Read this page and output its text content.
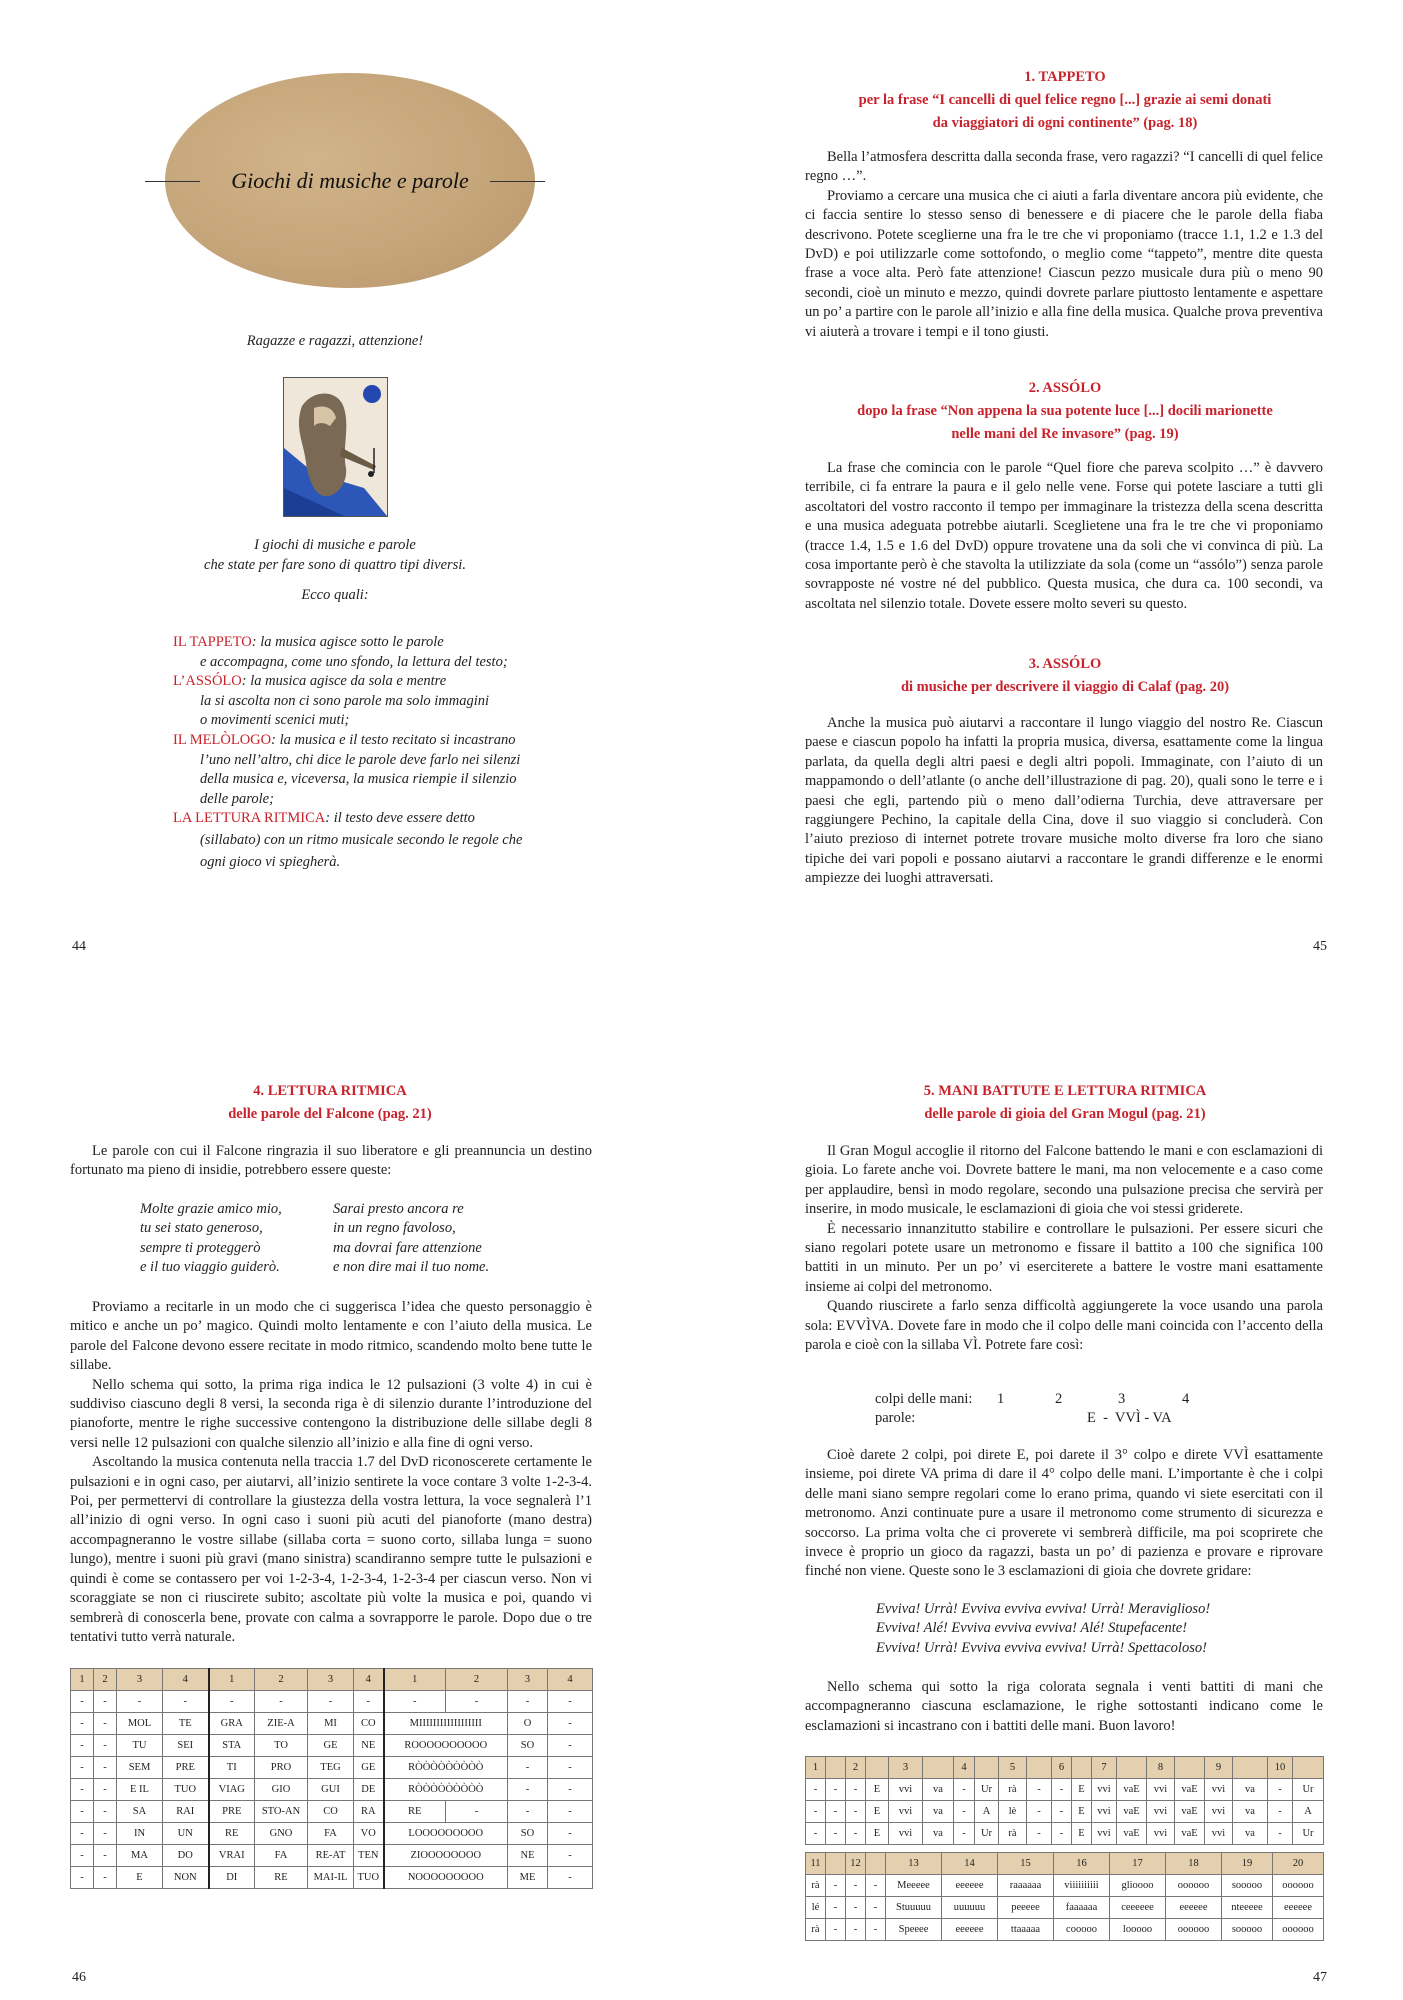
Giochi di musiche e parole
Ragazze e ragazzi, attenzione!
I giochi di musiche e parole
che state per fare sono di quattro tipi diversi.
Ecco quali:
IL TAPPETO: la musica agisce sotto le parole
e accompagna, come uno sfondo, la lettura del testo;
L’ASSÓLO: la musica agisce da sola e mentre
la si ascolta non ci sono parole ma solo immagini
o movimenti scenici muti;
IL MELÒLOGO: la musica e il testo recitato si incastrano
l’uno nell’altro, chi dice le parole deve farlo nei silenzi
della musica e, viceversa, la musica riempie il silenzio
delle parole;
LA LETTURA RITMICA: il testo deve essere detto
(sillabato) con un ritmo musicale secondo le regole che
ogni gioco vi spiegherà.
44
1. TAPPETO
per la frase “I cancelli di quel felice regno [...] grazie ai semi donati
da viaggiatori di ogni continente” (pag. 18)

Bella l’atmosfera descritta dalla seconda frase, vero ragazzi? “I cancelli di quel felice regno …”.

Proviamo a cercare una musica che ci aiuti a farla diventare ancora più evidente, che ci faccia sentire lo stesso senso di benessere e di piacere che le parole della fiaba descrivono. Potete sceglierne una fra le tre che vi proponiamo (tracce 1.1, 1.2 e 1.3 del DvD) e poi utilizzarle come sottofondo, o meglio come “tappeto”, mentre dite questa frase a voce alta. Però fate attenzione! Ciascun pezzo musicale dura più o meno 90 secondi, cioè un minuto e mezzo, quindi dovrete parlare piuttosto lentamente e aspettare un po’ a partire con le parole all’inizio e alla fine della musica. Qualche prova preventiva vi aiuterà a trovare i tempi e il tono giusti.

2. ASSÓLO
dopo la frase “Non appena la sua potente luce [...] docili marionette
nelle mani del Re invasore” (pag. 19)

La frase che comincia con le parole “Quel fiore che pareva scolpito …” è davvero terribile, ci fa entrare la paura e il gelo nelle vene. Forse qui potete lasciare a tutti gli ascoltatori del vostro racconto il tempo per immaginare la tristezza della scena descritta e una musica adeguata potrebbe aiutarli. Sceglietene una fra le tre che vi proponiamo (tracce 1.4, 1.5 e 1.6 del DvD) oppure trovatene una da soli che vi convinca di più. La cosa importante però è che stavolta la utilizziate da sola (come un “assólo”) senza parole sovrapposte né vostre né del pubblico. Questa musica, che dura ca. 100 secondi, va ascoltata nel silenzio totale. Dovete essere molto severi su questo.

3. ASSÓLO
di musiche per descrivere il viaggio di Calaf (pag. 20)

Anche la musica può aiutarvi a raccontare il lungo viaggio del nostro Re. Ciascun paese e ciascun popolo ha infatti la propria musica, diversa, esattamente come la lingua parlata, da quella degli altri paesi e degli altri popoli. Immaginate, con l’aiuto di un mappamondo o dell’atlante (o anche dell’illustrazione di pag. 20), quali sono le terre e i paesi che egli, partendo più o meno dall’odierna Turchia, deve attraversare per raggiungere Pechino, la capitale della Cina, dove il suo viaggio si concluderà. Con l’aiuto prezioso di internet potrete trovare musiche molto diverse fra loro che siano tipiche dei vari popoli e possano aiutarvi a raccontare le grandi differenze e le enormi ampiezze dei luoghi attraversati.

45
4. LETTURA RITMICA
delle parole del Falcone (pag. 21)

Le parole con cui il Falcone ringrazia il suo liberatore e gli preannuncia un destino fortunato ma pieno di insidie, potrebbero essere queste:

Molte grazie amico mio,
tu sei stato generoso,
sempre ti proteggerò
e il tuo viaggio guiderò.
Sarai presto ancora re
in un regno favoloso,
ma dovrai fare attenzione
e non dire mai il tuo nome.

Proviamo a recitarle in un modo che ci suggerisca l’idea che questo personaggio è mitico e anche un po’ magico. Quindi molto lentamente e con l’aiuto della musica. Le parole del Falcone devono essere recitate in modo ritmico, scandendo molto bene tutte le sillabe.

Nello schema qui sotto, la prima riga indica le 12 pulsazioni (3 volte 4) in cui è suddiviso ciascuno degli 8 versi, la seconda riga è di silenzio durante l’introduzione del pianoforte, mentre le righe successive contengono la distribuzione delle sillabe degli 8 versi nelle 12 pulsazioni con qualche silenzio all’inizio e alla fine di ogni verso.

Ascoltando la musica contenuta nella traccia 1.7 del DvD riconoscerete certamente le pulsazioni e in ogni caso, per aiutarvi, all’inizio sentirete la voce contare 3 volte 1-2-3-4. Poi, per permettervi di controllare la giustezza della vostra lettura, la voce segnalerà l’1 all’inizio di ogni verso. In ogni caso i suoni più acuti del pianoforte (mano destra) accompagneranno le vostre sillabe (sillaba corta = suono corto, sillaba lunga = suono lungo), mentre i suoni più gravi (mano sinistra) scandiranno sempre tutte le pulsazioni e quindi è come se contassero per voi 1-2-3-4, 1-2-3-4, 1-2-3-4 per ciascun verso. Non vi scoraggiate se non ci riuscirete subito; ascoltate più volte la musica e poi, quando vi sembrerà di conoscerla bene, provate con calma a sovrapporre le parole. Dopo due o tre tentativi tutto verrà naturale.

1	2	3	4	1	2	3	4	1	2	3	4
-	-	-	-	-	-	-	-	-	-	-	-
-	-	MOL	TE	GRA	ZIE-A	MI	CO	MIIIIIIIIIIIIIIIIII		O	-
-	-	TU	SEI	STA	TO	GE	NE	ROOOOOOOOOO		SO	-
-	-	SEM	PRE	TI	PRO	TEG	GE	RÒÒÒÒÒÒÒÒÒ		-	-
-	-	E IL	TUO	VIAG	GIO	GUI	DE	RÒÒÒÒÒÒÒÒÒ		-	-
-	-	SA	RAI	PRE	STO-AN	CO	RA	RE	-	-	-
-	-	IN	UN	RE	GNO	FA	VO	LOOOOOOOOO		SO	-
-	-	MA	DO	VRAI	FA	RE-AT	TEN	ZIOOOOOOOO		NE	-
-	-	E	NON	DI	RE	MAI-IL	TUO	NOOOOOOOOO		ME	-
46
5. MANI BATTUTE E LETTURA RITMICA
delle parole di gioia del Gran Mogul (pag. 21)

Il Gran Mogul accoglie il ritorno del Falcone battendo le mani e con esclamazioni di gioia. Lo farete anche voi. Dovrete battere le mani, ma non velocemente e a caso come per applaudire, bensì in modo regolare, secondo una pulsazione precisa che servirà per inserire, in modo musicale, le esclamazioni di gioia che voi stessi griderete.

È necessario innanzitutto stabilire e controllare le pulsazioni. Per essere sicuri che siano regolari potete usare un metronomo e fissare il battito a 100 che significa 100 battiti in un minuto. Per un po’ vi eserciterete a battere le vostre mani esattamente insieme ai colpi del metronomo.

Quando riuscirete a farlo senza difficoltà aggiungerete la voce usando una parola sola: EVVÌVA. Dovete fare in modo che il colpo delle mani coincida con l’accento della parola e cioè con la sillaba VÌ. Potrete fare così:

colpi delle mani: 1	2	3	4
parole:	E  -  VVÌ - VA

Cioè darete 2 colpi, poi direte E, poi darete il 3° colpo e direte VVÌ esattamente insieme, poi direte VA prima di dare il 4° colpo delle mani. L’importante è che i colpi delle mani siano sempre regolari come lo erano prima, quando vi siete esercitati con il metronomo. Anzi continuate pure a usare il metronomo come strumento di sicurezza e soccorso. La prima volta che ci proverete vi sembrerà difficile, ma poi scoprirete che invece è proprio un gioco da ragazzi, basta un po’ di pazienza e provare e riprovare finché non viene. Queste sono le 3 esclamazioni di gioia che dovrete gridare:

Evviva! Urrà! Evviva evviva evviva! Urrà! Meraviglioso!
Evviva! Alé! Evviva evviva evviva! Alé! Stupefacente!
Evviva! Urrà! Evviva evviva evviva! Urrà! Spettacoloso!

Nello schema qui sotto la riga colorata segnala i venti battiti di mani che accompagneranno ciascuna esclamazione, le righe sottostanti indicano come le esclamazioni si incastrano con i battiti delle mani. Buon lavoro!

1		2		3		4		5		6		7		8		9		10	
-	-	-	E	vvi	va	-	Ur	rà	-	-	E	vvi	vaE	vvi	vaE	vvi	va	-	Ur
-	-	-	E	vvi	va	-	A	lè	-	-	E	vvi	vaE	vvi	vaE	vvi	va	-	A
-	-	-	E	vvi	va	-	Ur	rà	-	-	E	vvi	vaE	vvi	vaE	vvi	va	-	Ur
11		12		13	14	15	16	17	18	19	20
rà	-	-	-	Meeeee	eeeeee	raaaaaa	viiiiiiiiii	glioooo	oooooo	sooooo	oooooo
lé	-	-	-	Stuuuuu	uuuuuu	peeeee	faaaaaa	ceeeeee	eeeeee	nteeeee	eeeeee
rà	-	-	-	Speeee	eeeeee	ttaaaaa	cooooo	looooo	oooooo	sooooo	oooooo
47
